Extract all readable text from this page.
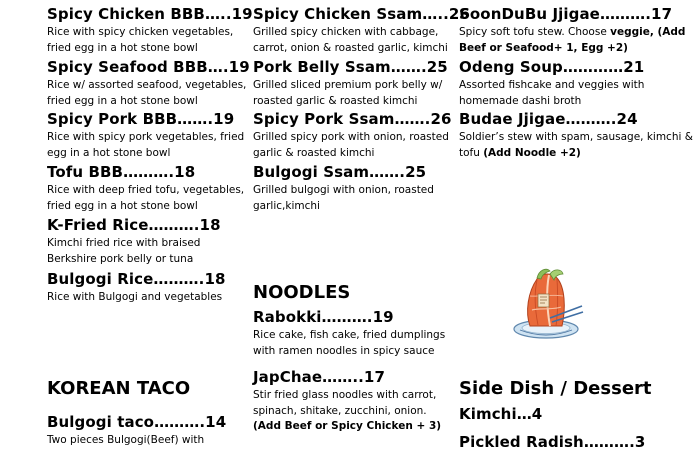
Spicy Chicken BBB…..19
Rice with spicy chicken vegetables, fried egg in a hot stone bowl
Spicy Seafood BBB….19
Rice w/ assorted seafood, vegetables, fried egg in a hot stone bowl
Spicy Pork BBB…….19
Rice with spicy pork vegetables, fried egg in a hot stone bowl
Tofu BBB……….18
Rice with deep fried tofu, vegetables, fried egg in a hot stone bowl
K-Fried Rice……….18
Kimchi fried rice with braised Berkshire pork belly or tuna
Bulgogi Rice……….18
Rice with Bulgogi and vegetables
KOREAN TACO
Bulgogi taco……….14
Two pieces Bulgogi(Beef) with
Spicy Chicken Ssam…..26
Grilled spicy chicken with cabbage, carrot, onion & roasted garlic, kimchi
Pork Belly Ssam…….25
Grilled sliced premium pork belly w/ roasted garlic & roasted kimchi
Spicy Pork Ssam…….26
Grilled spicy pork with onion, roasted garlic & roasted kimchi
Bulgogi Ssam…….25
Grilled bulgogi with onion, roasted garlic,kimchi
NOODLES
Rabokki……….19
Rice cake, fish cake, fried dumplings with ramen noodles in spicy sauce
JapChae……..17
Stir fried glass noodles with carrot, spinach, shitake, zucchini, onion.
(Add Beef or Spicy Chicken + 3)
SoonDuBu Jjigae……….17
Spicy soft tofu stew. Choose veggie, (Add Beef or Seafood+ 1, Egg +2)
Odeng Soup…………21
Assorted fishcake and veggies with homemade dashi broth
Budae Jjigae……….24
Soldier’s stew with spam, sausage, kimchi & tofu (Add Noodle +2)
Side Dish / Dessert
Kimchi…4
Pickled Radish……….3
